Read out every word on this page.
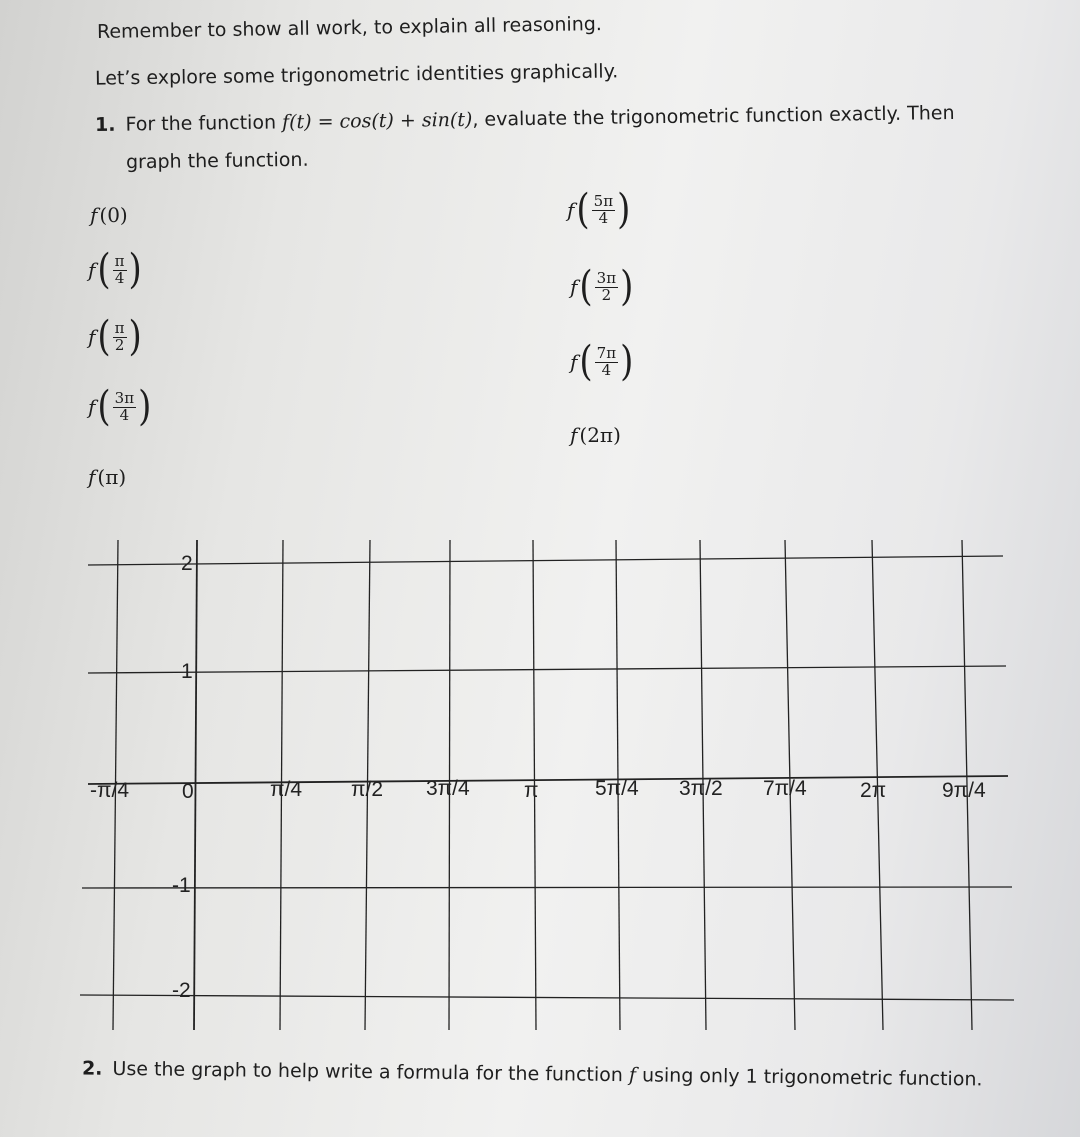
Remember to show all work, to explain all reasoning.
Let’s explore some trigonometric identities graphically.
1. For the function f(t) = cos(t) + sin(t), evaluate the trigonometric function exactly. Then
graph the function.
f (0)
f ( $\frac{\pi}{4}$ )
f ( $\frac{\pi}{2}$ )
f ( $\frac{3\pi}{4}$ )
f (π)
f ( $\frac{5\pi}{4}$ )
f ( $\frac{3\pi}{2}$ )
f ( $\frac{7\pi}{4}$ )
f (2π)
-π/4	0	π/4 π/2 3π/4	π	5π/4 3π/2 7π/4	2π	9π/4
2
1
-1
-2
2. Use the graph to help write a formula for the function f using only 1 trigonometric function.
